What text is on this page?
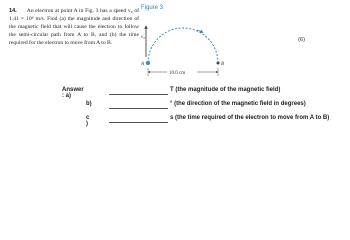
14. An electron at point A in Fig. 3 has a speed v₀ of 1.41 × 10⁶ m/s. Find (a) the magnitude and direction of the magnetic field that will cause the electron to follow the semi-circular path from A to B, and (b) the time required for the electron to move from A to B.
Figure 3
v₀
A	B
10.0 cm
(6)
Answer : a)
T (the magnitude of the magnetic field)
b)	° (the direction of the magnetic field in degrees)
c )
s (the time required of the electron to move from A to B)
